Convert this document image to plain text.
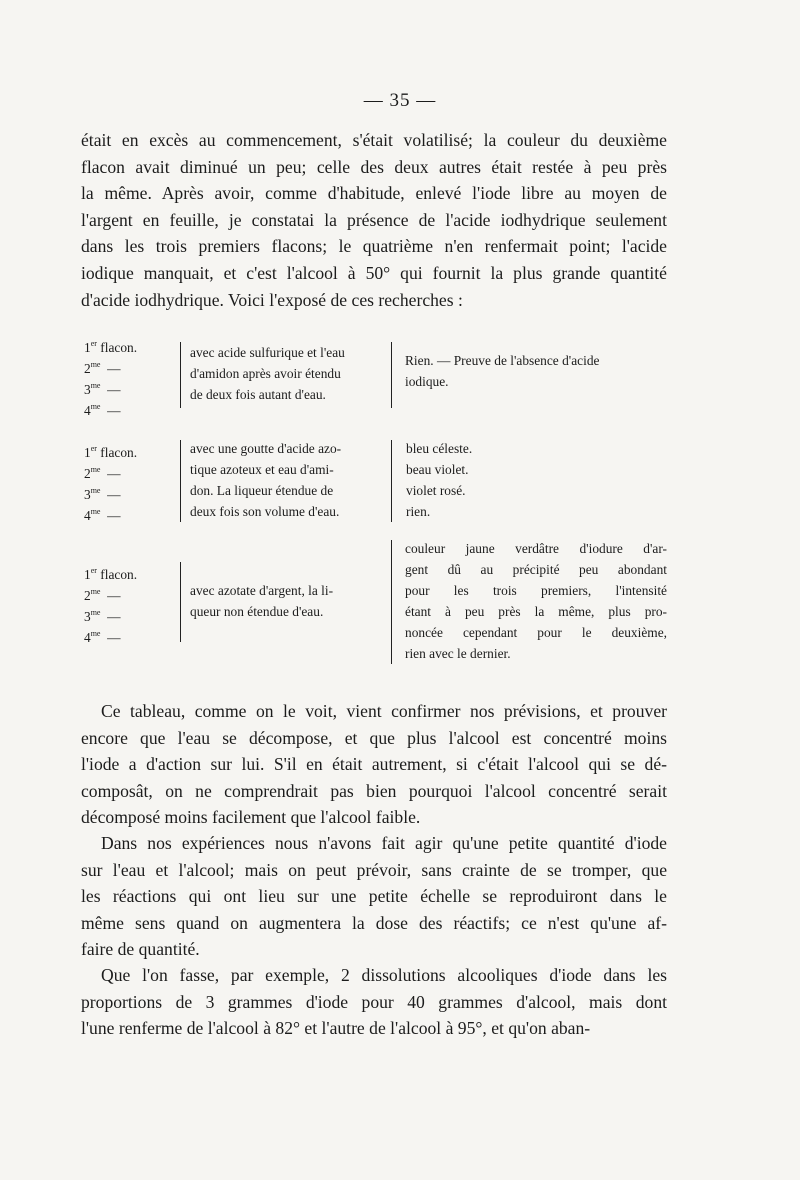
— 35 —
était en excès au commencement, s'était volatilisé; la couleur du deuxième
flacon avait diminué un peu; celle des deux autres était restée à peu près
la même. Après avoir, comme d'habitude, enlevé l'iode libre au moyen de
l'argent en feuille, je constatai la présence de l'acide iodhydrique seulement
dans les trois premiers flacons; le quatrième n'en renfermait point; l'acide
iodique manquait, et c'est l'alcool à 50° qui fournit la plus grande quantité
d'acide iodhydrique. Voici l'exposé de ces recherches :
1er flacon.
$2^{me}$  —
$3^{me}$  —
$4^{me}$  —
avec acide sulfurique et l'eau
d'amidon après avoir étendu
de deux fois autant d'eau.
Rien. — Preuve de l'absence d'acide
iodique.
1er flacon.
$2^{me}$  —
$3^{me}$  —
$4^{me}$  —
avec une goutte d'acide azo-
tique azoteux et eau d'ami-
don. La liqueur étendue de
deux fois son volume d'eau.
bleu céleste.
beau violet.
violet rosé.
rien.
1er flacon.
$2^{me}$  —
$3^{me}$  —
$4^{me}$  —
avec azotate d'argent, la li-
queur non étendue d'eau.
couleur jaune verdâtre d'iodure d'ar-
gent dû au précipité peu abondant
pour les trois premiers, l'intensité
étant à peu près la même, plus pro-
noncée cependant pour le deuxième,
rien avec le dernier.
Ce tableau, comme on le voit, vient confirmer nos prévisions, et prouver
encore que l'eau se décompose, et que plus l'alcool est concentré moins
l'iode a d'action sur lui. S'il en était autrement, si c'était l'alcool qui se dé-
composât, on ne comprendrait pas bien pourquoi l'alcool concentré serait
décomposé moins facilement que l'alcool faible.
Dans nos expériences nous n'avons fait agir qu'une petite quantité d'iode
sur l'eau et l'alcool; mais on peut prévoir, sans crainte de se tromper, que
les réactions qui ont lieu sur une petite échelle se reproduiront dans le
même sens quand on augmentera la dose des réactifs; ce n'est qu'une af-
faire de quantité.
Que l'on fasse, par exemple, 2 dissolutions alcooliques d'iode dans les
proportions de 3 grammes d'iode pour 40 grammes d'alcool, mais dont
l'une renferme de l'alcool à 82° et l'autre de l'alcool à 95°, et qu'on aban-
